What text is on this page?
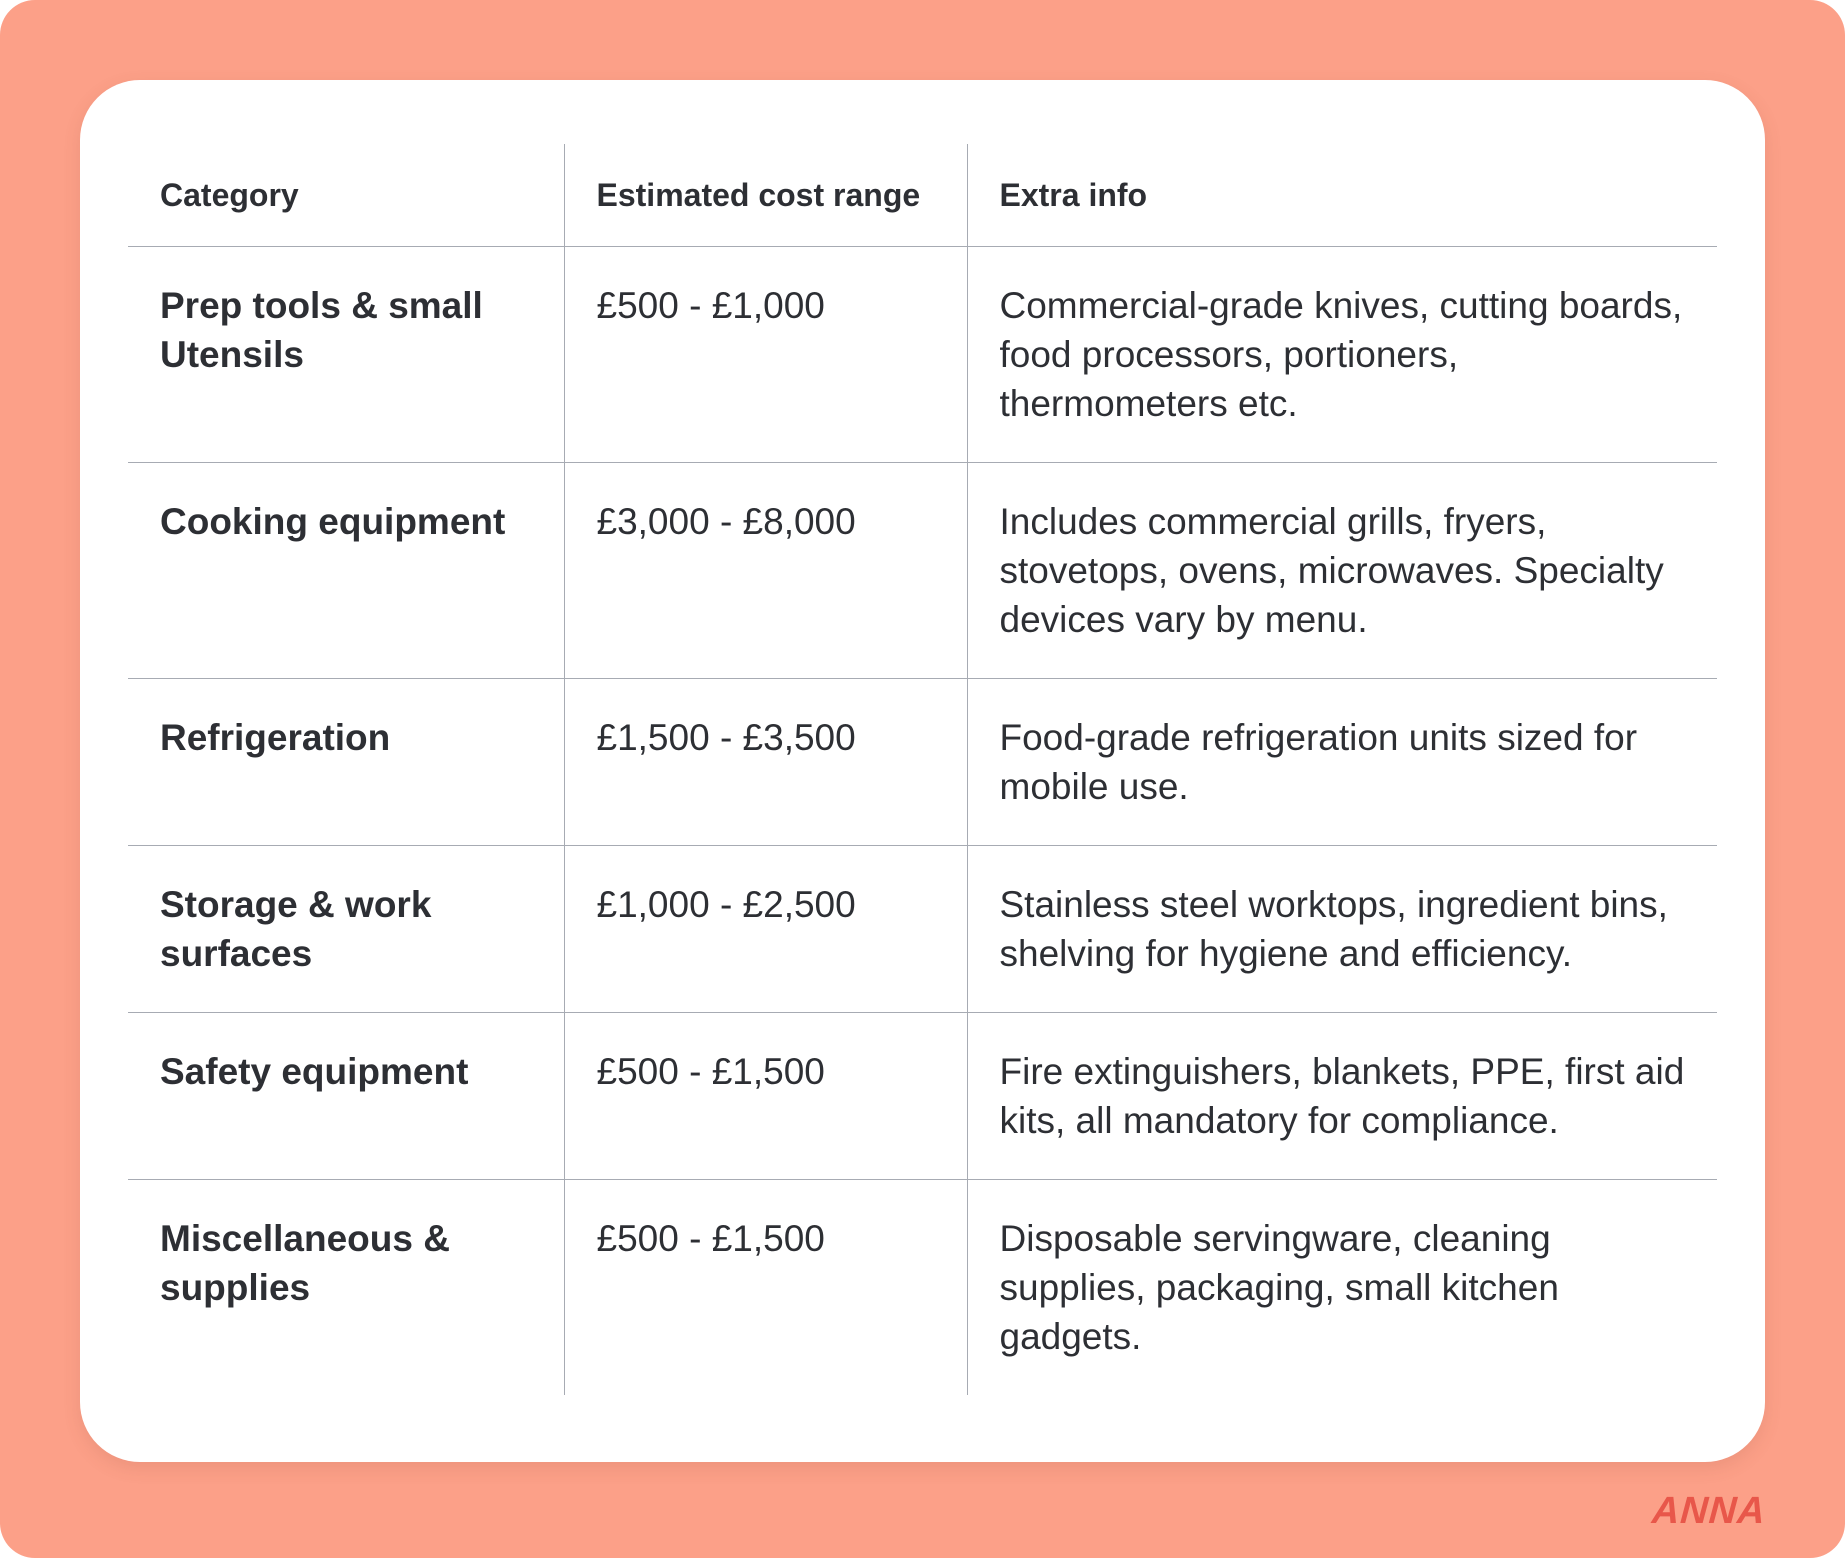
Category	Estimated cost range	Extra info
Prep tools & small Utensils	£500 - £1,000	Commercial-grade knives, cutting boards, food processors, portioners, thermometers etc.
Cooking equipment	£3,000 - £8,000	Includes commercial grills, fryers, stovetops, ovens, microwaves. Specialty devices vary by menu.
Refrigeration	£1,500 - £3,500	Food-grade refrigeration units sized for mobile use.
Storage & work surfaces	£1,000 - £2,500	Stainless steel worktops, ingredient bins, shelving for hygiene and efficiency.
Safety equipment	£500 - £1,500	Fire extinguishers, blankets, PPE, first aid kits, all mandatory for compliance.
Miscellaneous & supplies	£500 - £1,500	Disposable servingware, cleaning supplies, packaging, small kitchen gadgets.
ANNA
